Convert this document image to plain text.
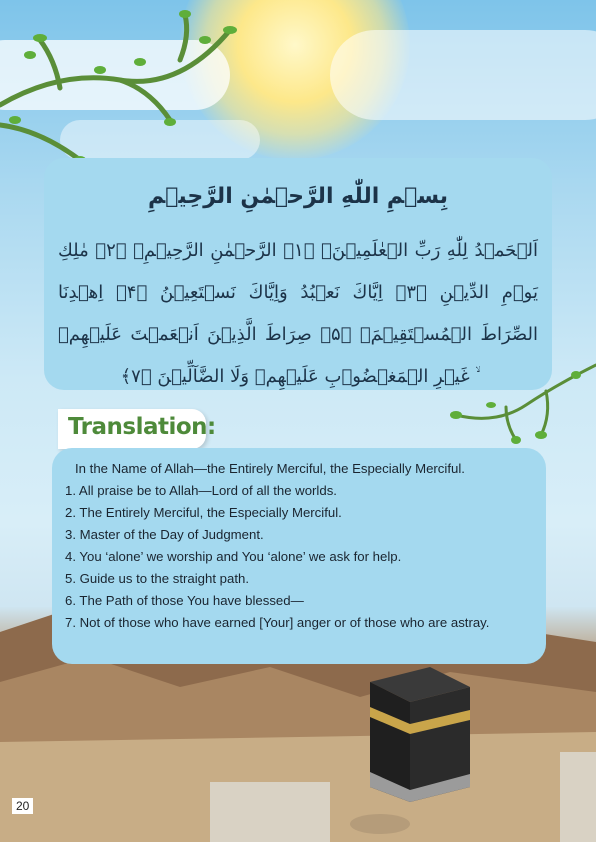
بِسۡمِ اللّٰهِ الرَّحۡمٰنِ الرَّحِيۡمِ
اَلۡحَمۡدُ لِلّٰهِ رَبِّ الۡعٰلَمِيۡنَۙ ﴿۱﴾ الرَّحۡمٰنِ الرَّحِيۡمِۙ ﴿۲﴾ مٰلِكِ يَوۡمِ الدِّيۡنِ ﴿۳﴾ اِيَّاكَ نَعۡبُدُ وَاِيَّاكَ نَسۡتَعِيۡنُ ﴿۴﴾ اِهۡدِنَا الصِّرَاطَ الۡمُسۡتَقِيۡمَۙ ﴿۵﴾ صِرَاطَ الَّذِيۡنَ اَنۡعَمۡتَ عَلَيۡهِمۡ ۙ غَيۡرِ الۡمَغۡضُوۡبِ عَلَيۡهِمۡ وَلَا الضَّآلِّيۡنَ ﴿۷﴾
Translation:
In the Name of Allah—the Entirely Merciful, the Especially Merciful.
1. All praise be to Allah—Lord of all the worlds.
2. The Entirely Merciful, the Especially Merciful.
3. Master of the Day of Judgment.
4. You ‘alone’ we worship and You ‘alone’ we ask for help.
5. Guide us to the straight path.
6. The Path of those You have blessed—
7. Not of those who have earned [Your] anger or of those who are astray.
20
